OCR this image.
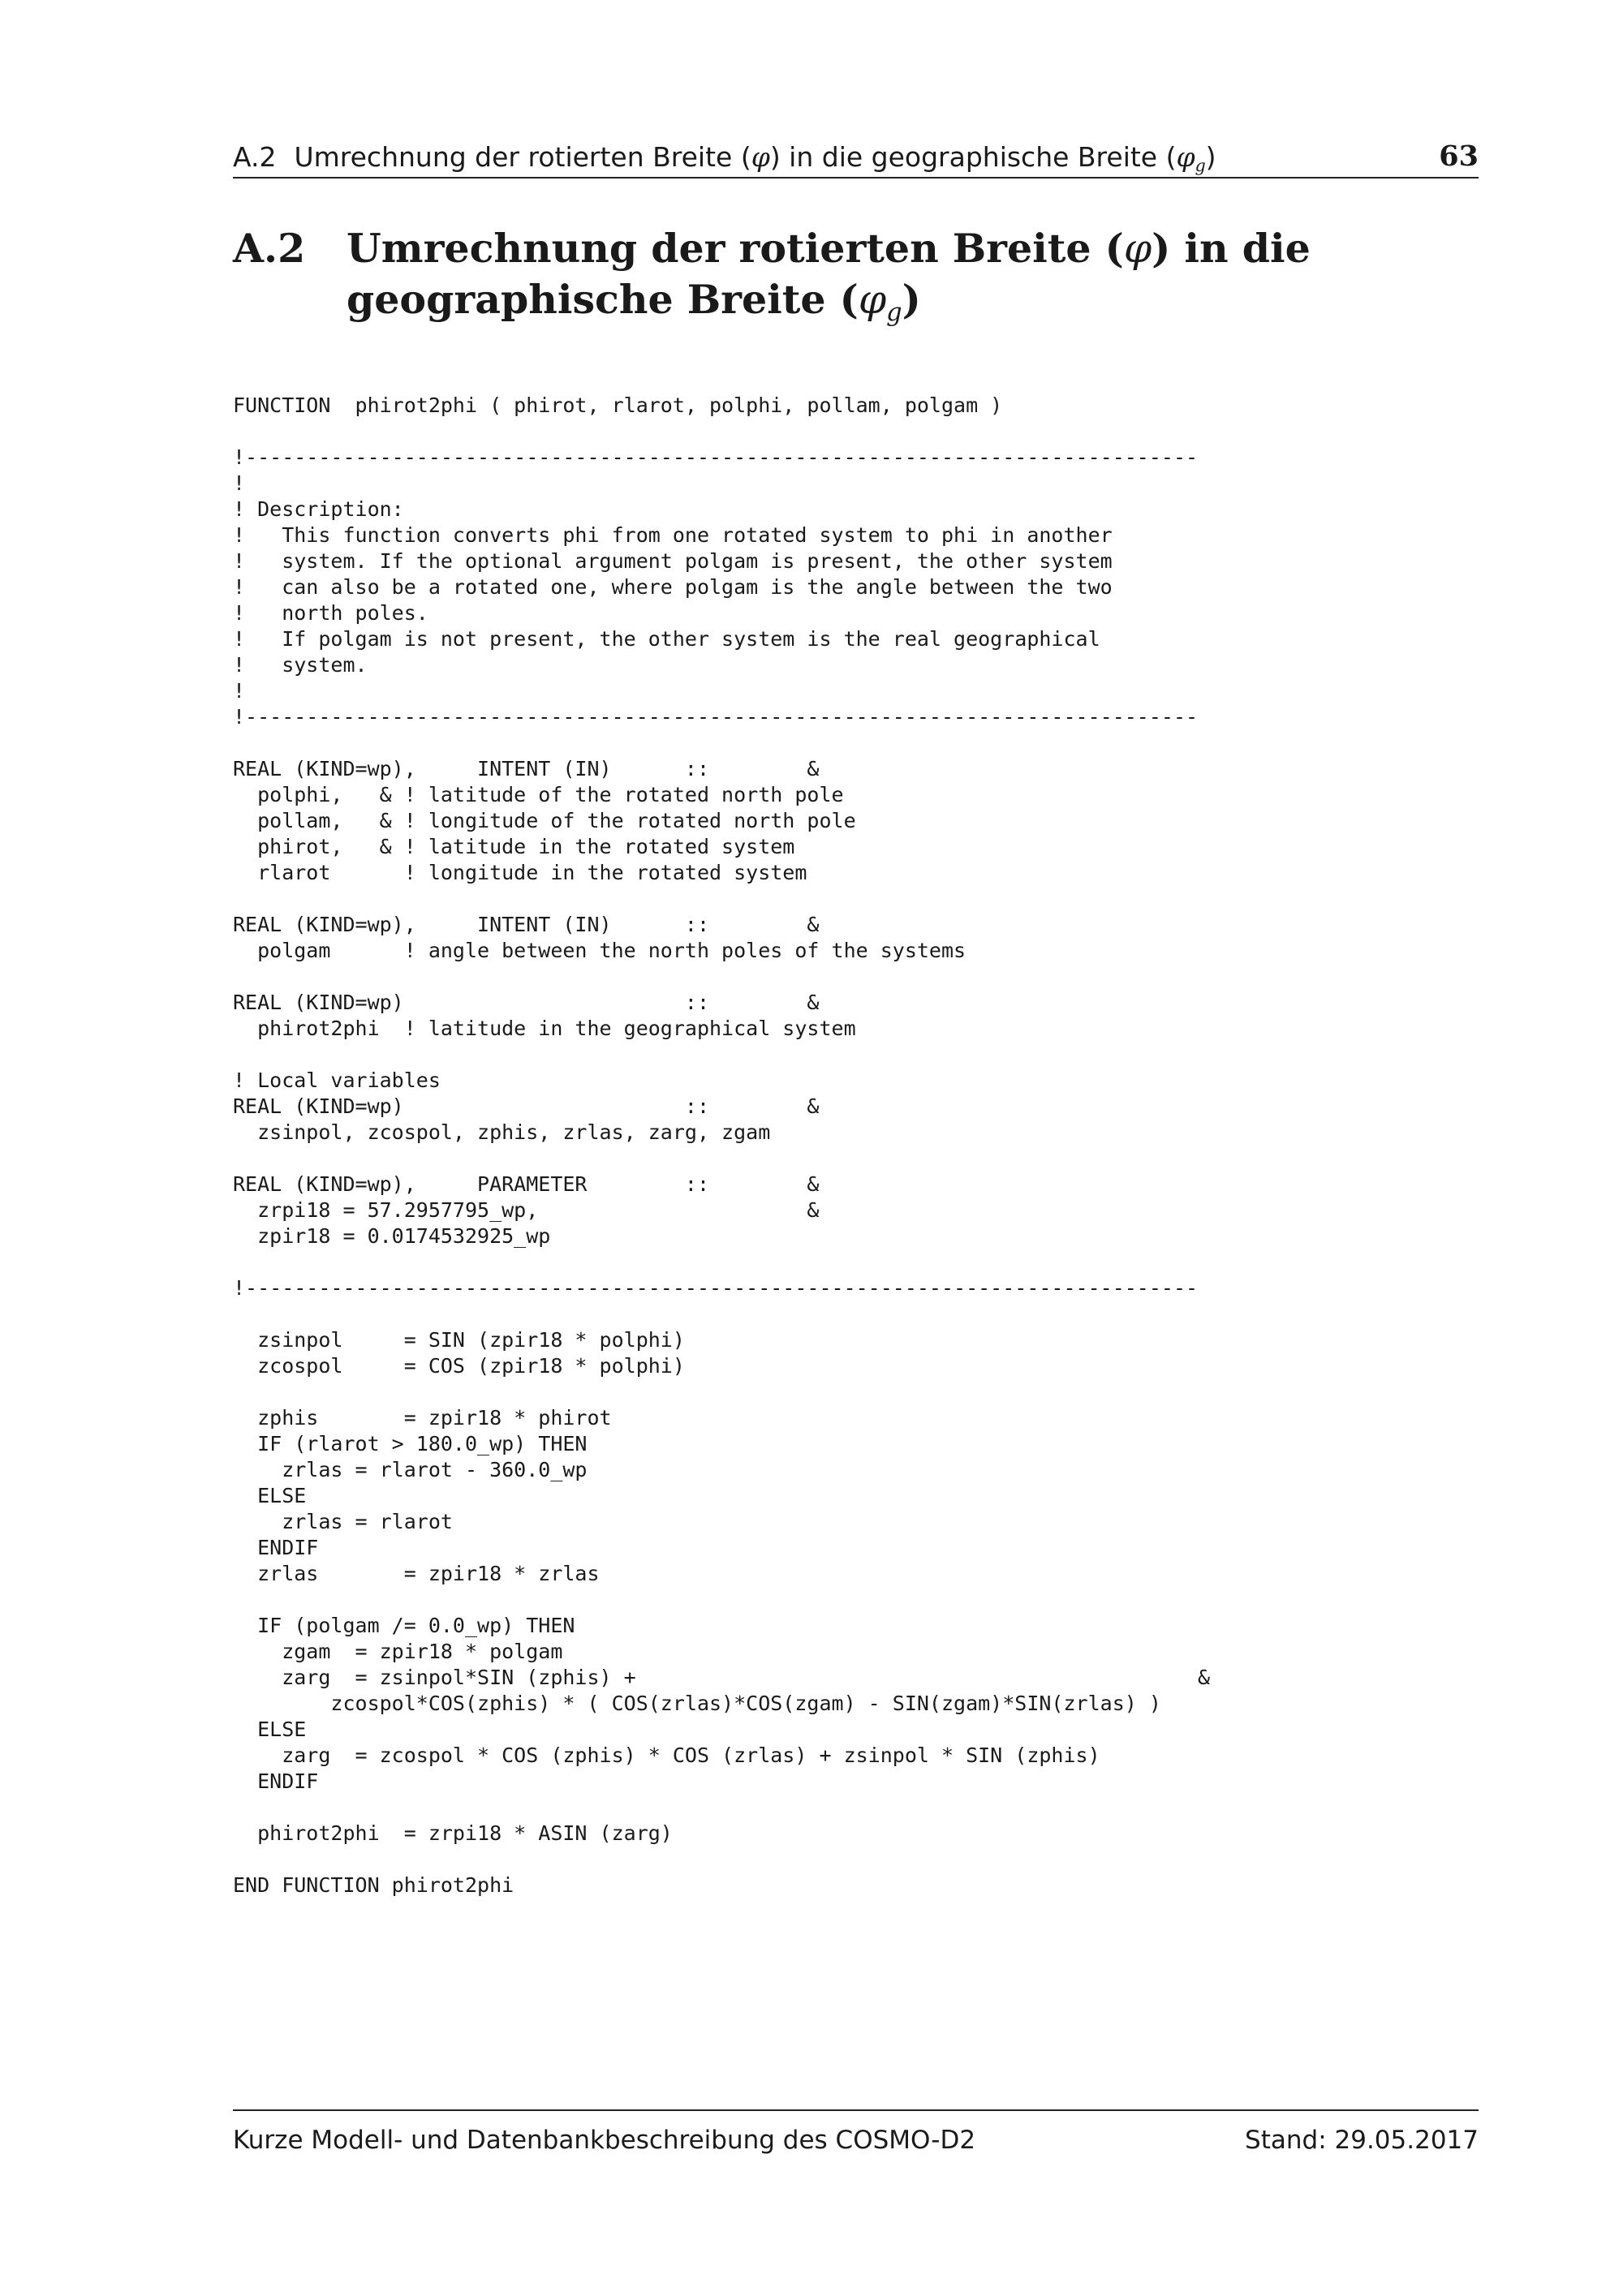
A.2 Umrechnung der rotierten Breite (φ) in die geographische Breite $(\varphi_g)$	63
A.2 Umrechnung der rotierten Breite (φ) in die geographische Breite $(\varphi_g)$
FUNCTION  phirot2phi ( phirot, rlarot, polphi, pollam, polgam )

!------------------------------------------------------------------------------
!
! Description:
!   This function converts phi from one rotated system to phi in another
!   system. If the optional argument polgam is present, the other system
!   can also be a rotated one, where polgam is the angle between the two
!   north poles.
!   If polgam is not present, the other system is the real geographical
!   system.
!
!------------------------------------------------------------------------------

REAL (KIND=wp),     INTENT (IN)      ::        &
polphi,   & ! latitude of the rotated north pole
pollam,   & ! longitude of the rotated north pole
phirot,   & ! latitude in the rotated system
rlarot      ! longitude in the rotated system

REAL (KIND=wp),     INTENT (IN)      ::        &
polgam      ! angle between the north poles of the systems

REAL (KIND=wp)                       ::        &
phirot2phi  ! latitude in the geographical system

! Local variables
REAL (KIND=wp)                       ::        &
zsinpol, zcospol, zphis, zrlas, zarg, zgam

REAL (KIND=wp),     PARAMETER        ::        &
zrpi18 = 57.2957795_wp,                      &
zpir18 = 0.0174532925_wp

!------------------------------------------------------------------------------

zsinpol     = SIN (zpir18 * polphi)
zcospol     = COS (zpir18 * polphi)

zphis       = zpir18 * phirot
IF (rlarot > 180.0_wp) THEN
zrlas = rlarot - 360.0_wp
ELSE
zrlas = rlarot
ENDIF
zrlas       = zpir18 * zrlas

IF (polgam /= 0.0_wp) THEN
zgam  = zpir18 * polgam
zarg  = zsinpol*SIN (zphis) +                                              &
zcospol*COS(zphis) * ( COS(zrlas)*COS(zgam) - SIN(zgam)*SIN(zrlas) )
ELSE
zarg  = zcospol * COS (zphis) * COS (zrlas) + zsinpol * SIN (zphis)
ENDIF

phirot2phi  = zrpi18 * ASIN (zarg)

END FUNCTION phirot2phi

Kurze Modell- und Datenbankbeschreibung des COSMO-D2	Stand: 29.05.2017
